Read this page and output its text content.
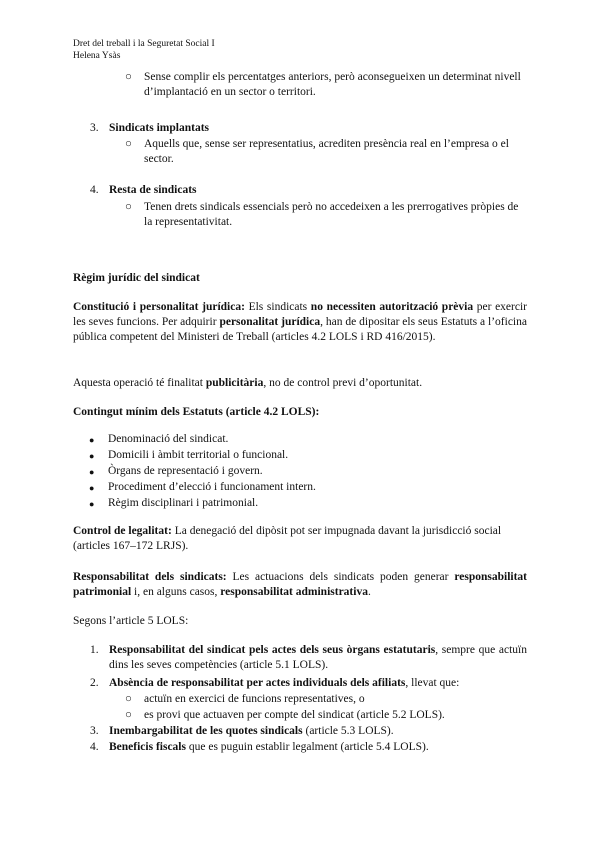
Dret del treball i la Seguretat Social I
Helena Ysàs
○ Sense complir els percentatges anteriors, però aconsegueixen un determinat nivell d’implantació en un sector o territori.
3. Sindicats implantats
○ Aquells que, sense ser representatius, acrediten presència real en l’empresa o el sector.
4. Resta de sindicats
○ Tenen drets sindicals essencials però no accedeixen a les prerrogatives pròpies de la representativitat.
Règim jurídic del sindicat
Constitució i personalitat jurídica: Els sindicats no necessiten autorització prèvia per exercir les seves funcions. Per adquirir personalitat jurídica, han de dipositar els seus Estatuts a l’oficina pública competent del Ministeri de Treball (articles 4.2 LOLS i RD 416/2015).
Aquesta operació té finalitat publicitària, no de control previ d’oportunitat.
Contingut mínim dels Estatuts (article 4.2 LOLS):
● Denominació del sindicat.
● Domicili i àmbit territorial o funcional.
● Òrgans de representació i govern.
● Procediment d’elecció i funcionament intern.
● Règim disciplinari i patrimonial.
Control de legalitat: La denegació del dipòsit pot ser impugnada davant la jurisdicció social (articles 167–172 LRJS).
Responsabilitat dels sindicats: Les actuacions dels sindicats poden generar responsabilitat patrimonial i, en alguns casos, responsabilitat administrativa.
Segons l’article 5 LOLS:
1. Responsabilitat del sindicat pels actes dels seus òrgans estatutaris, sempre que actuïn dins les seves competències (article 5.1 LOLS).
2. Absència de responsabilitat per actes individuals dels afiliats, llevat que:
○ actuïn en exercici de funcions representatives, o
○ es provi que actuaven per compte del sindicat (article 5.2 LOLS).
3. Inembargabilitat de les quotes sindicals (article 5.3 LOLS).
4. Beneficis fiscals que es puguin establir legalment (article 5.4 LOLS).
